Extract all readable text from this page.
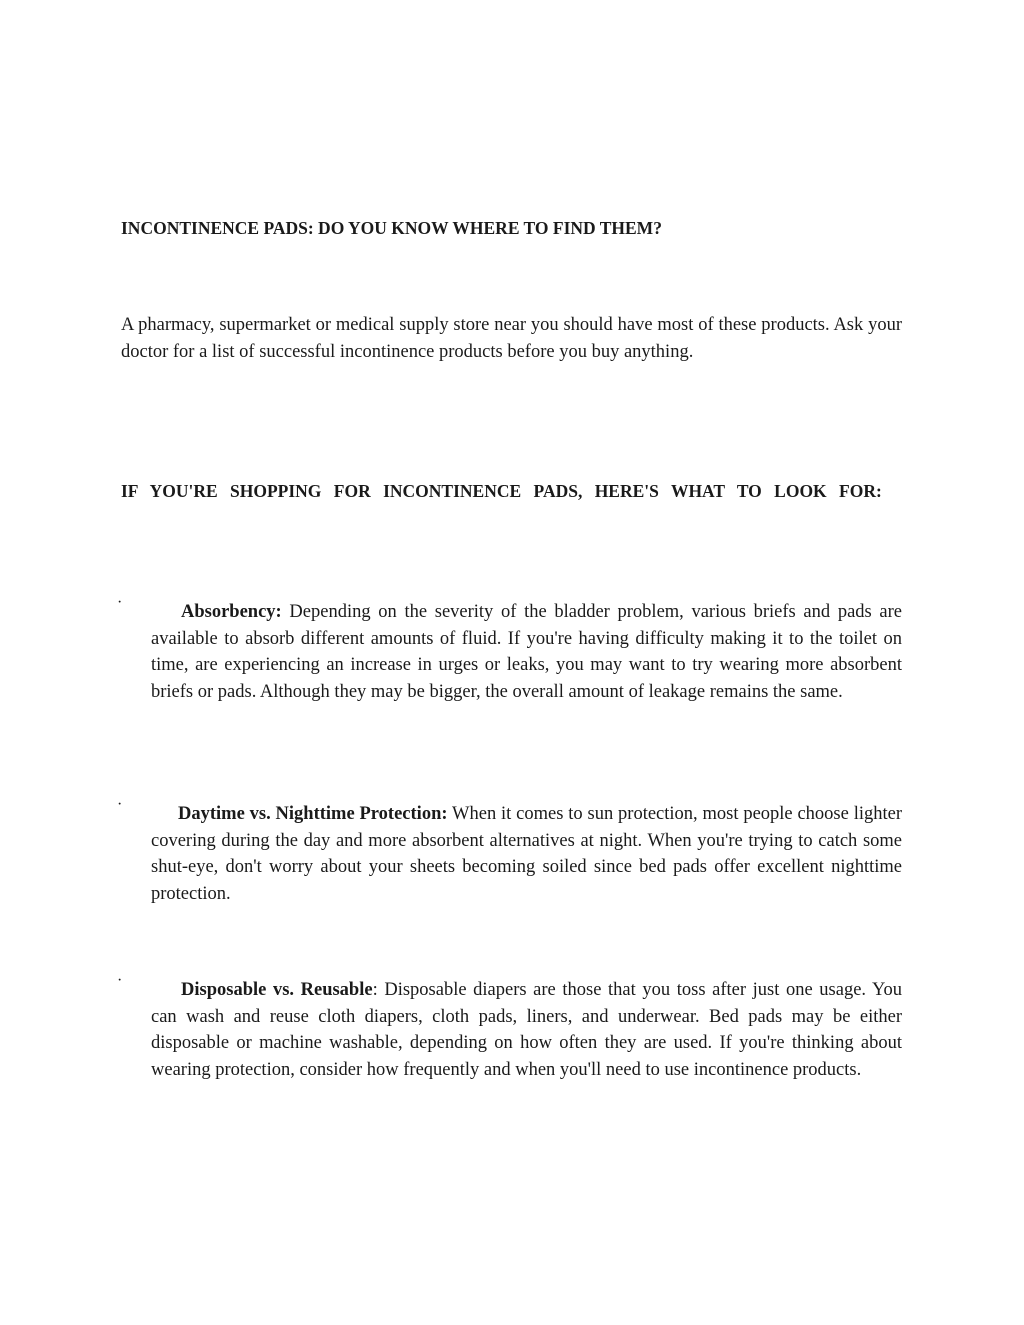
INCONTINENCE PADS: DO YOU KNOW WHERE TO FIND THEM?

A pharmacy, supermarket or medical supply store near you should have most of these products. Ask your doctor for a list of successful incontinence products before you buy anything.

IF YOU'RE SHOPPING FOR INCONTINENCE PADS, HERE'S WHAT TO LOOK FOR:
·	Absorbency: Depending on the severity of the bladder problem, various briefs and pads are available to absorb different amounts of fluid. If you're having difficulty making it to the toilet on time, are experiencing an increase in urges or leaks, you may want to try wearing more absorbent briefs or pads. Although they may be bigger, the overall amount of leakage remains the same.

·	Daytime vs. Nighttime Protection: When it comes to sun protection, most people choose lighter covering during the day and more absorbent alternatives at night. When you're trying to catch some shut-eye, don't worry about your sheets becoming soiled since bed pads offer excellent nighttime protection.

·	Disposable vs. Reusable: Disposable diapers are those that you toss after just one usage. You can wash and reuse cloth diapers, cloth pads, liners, and underwear. Bed pads may be either disposable or machine washable, depending on how often they are used. If you're thinking about wearing protection, consider how frequently and when you'll need to use incontinence products.
